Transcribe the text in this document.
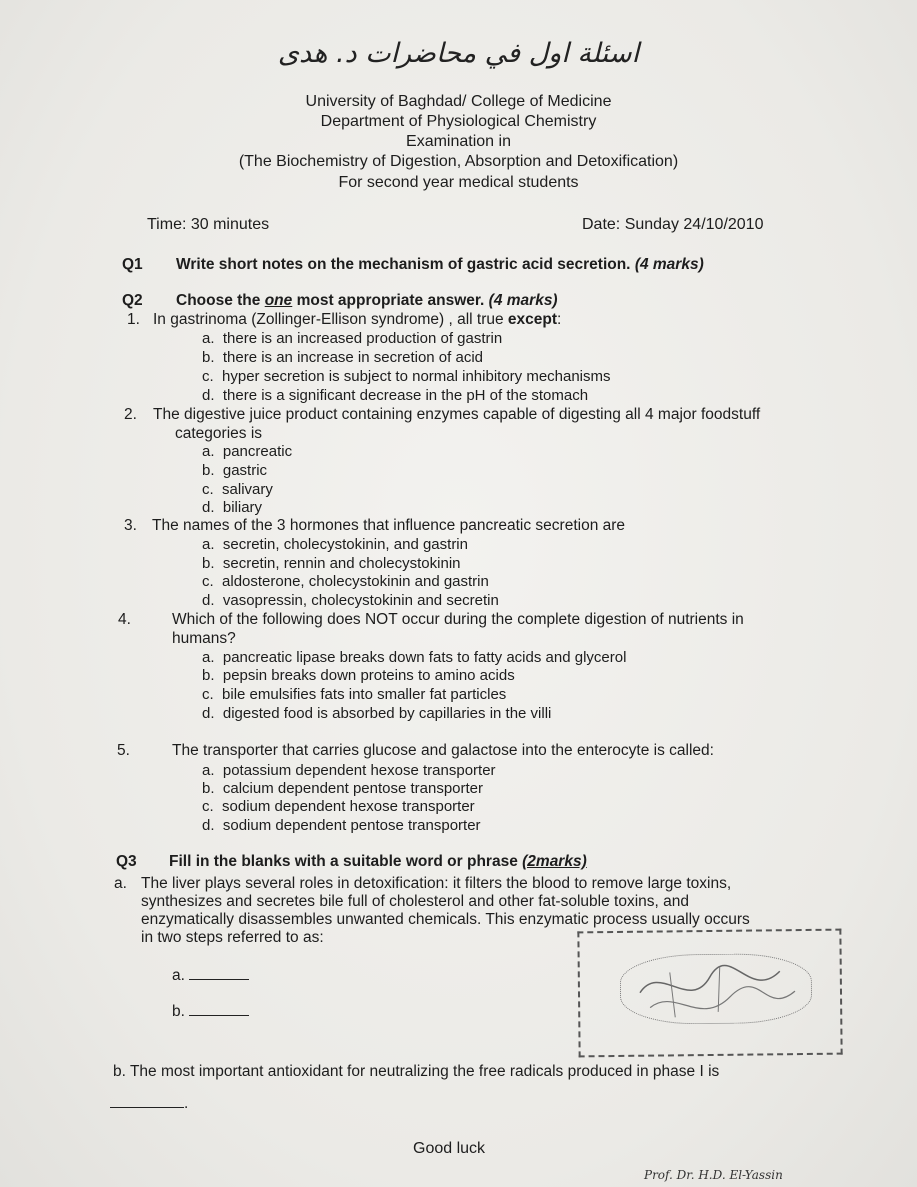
اسئلة اول في محاضرات د. هدى
University of Baghdad/ College of Medicine
Department of Physiological Chemistry
Examination in
(The Biochemistry of Digestion, Absorption and Detoxification)
For second year medical students
Time: 30 minutes	Date: Sunday 24/10/2010
Q1 Write short notes on the mechanism of gastric acid secretion. (4 marks)
Q2 Choose the one most appropriate answer. (4 marks)
1. In gastrinoma (Zollinger-Ellison syndrome) , all true except:
a. there is an increased production of gastrin
b. there is an increase in secretion of acid
c. hyper secretion is subject to normal inhibitory mechanisms
d. there is a significant decrease in the pH of the stomach
2. The digestive juice product containing enzymes capable of digesting all 4 major foodstuff
categories is
a. pancreatic
b. gastric
c. salivary
d. biliary
3. The names of the 3 hormones that influence pancreatic secretion are
a. secretin, cholecystokinin, and gastrin
b. secretin, rennin and cholecystokinin
c. aldosterone, cholecystokinin and gastrin
d. vasopressin, cholecystokinin and secretin
4.	Which of the following does NOT occur during the complete digestion of nutrients in
humans?
a. pancreatic lipase breaks down fats to fatty acids and glycerol
b. pepsin breaks down proteins to amino acids
c. bile emulsifies fats into smaller fat particles
d. digested food is absorbed by capillaries in the villi
5.	The transporter that carries glucose and galactose into the enterocyte is called:
a. potassium dependent hexose transporter
b. calcium dependent pentose transporter
c. sodium dependent hexose transporter
d. sodium dependent pentose transporter
Q3 Fill in the blanks with a suitable word or phrase (2marks)
a. The liver plays several roles in detoxification: it filters the blood to remove large toxins,
synthesizes and secretes bile full of cholesterol and other fat-soluble toxins, and
enzymatically disassembles unwanted chemicals. This enzymatic process usually occurs
in two steps referred to as:
a.
b.
b. The most important antioxidant for neutralizing the free radicals produced in phase I is
.
Good luck
Prof. Dr. H.D. El-Yassin
